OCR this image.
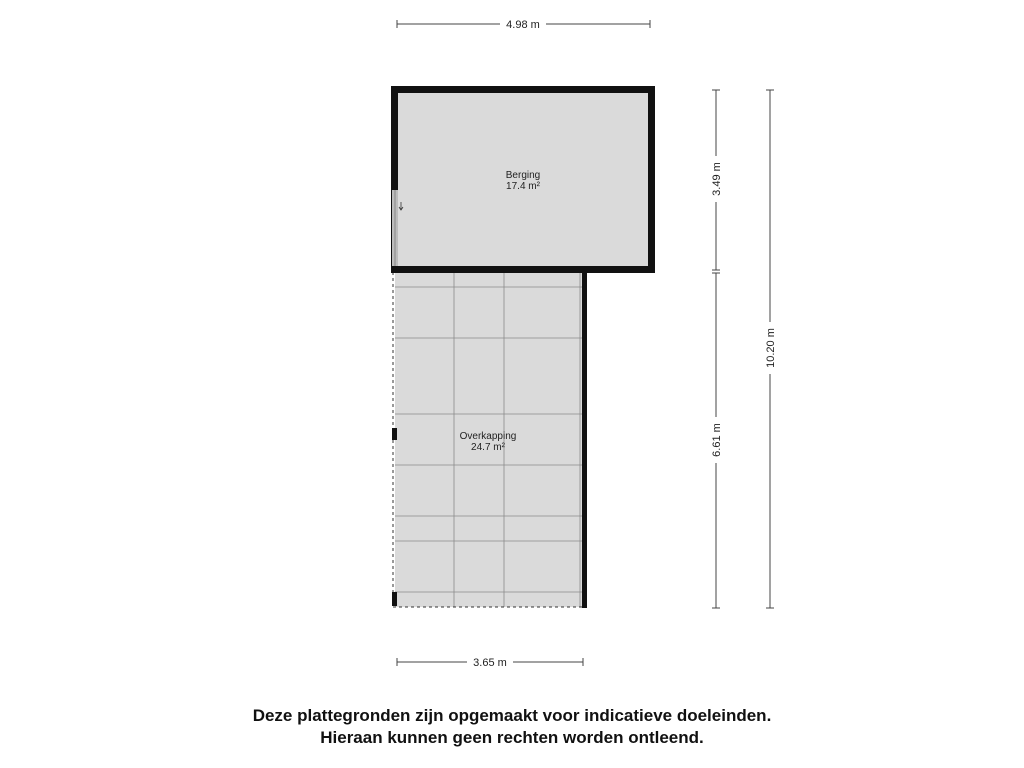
4.98 m
3.65 m
3.49 m
6.61 m
10.20 m
Overkapping
24.7 m²
Berging
17.4 m²
Deze plattegronden zijn opgemaakt voor indicatieve doeleinden.
Hieraan kunnen geen rechten worden ontleend.
